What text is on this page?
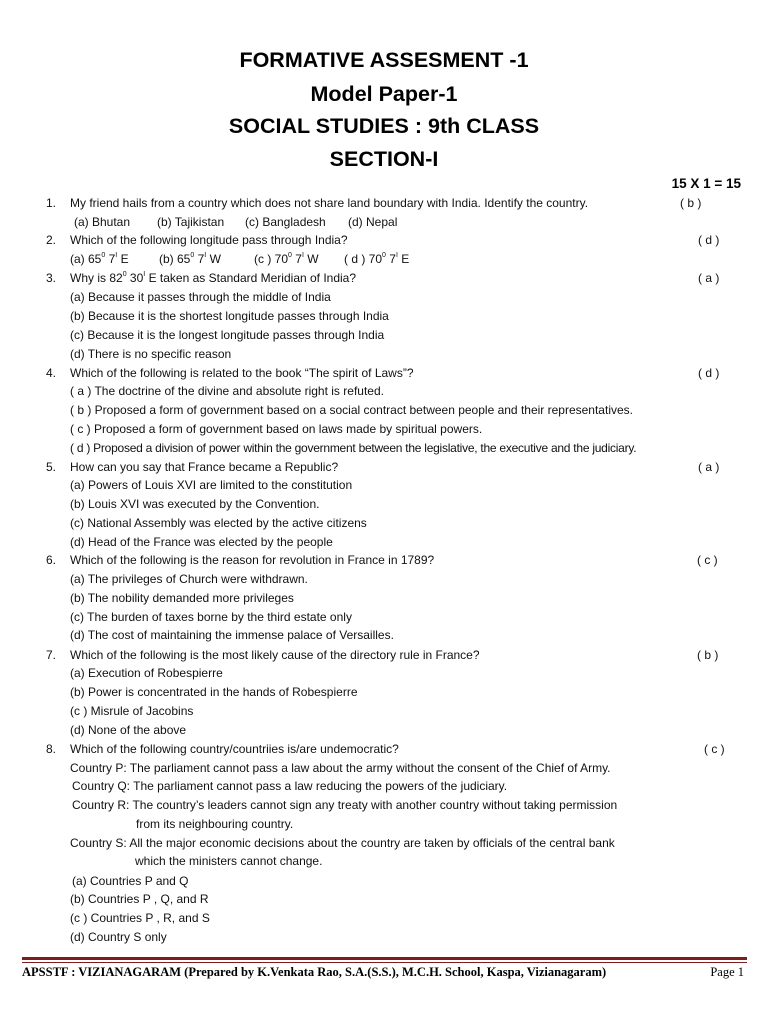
FORMATIVE ASSESMENT -1
Model Paper-1
SOCIAL STUDIES : 9th CLASS
SECTION-I
15 X 1 = 15
1. My friend hails from a country which does not share land boundary with India. Identify the country.	( b )
(a) Bhutan (b) Tajikistan (c) Bangladesh (d) Nepal
2. Which of the following longitude pass through India?	( d )
(a) $65^0$ $7^I$ E	(b) $65^0$ $7^I$ W	(c ) $70^0$ $7^I$ W ( d ) $70^0$ $7^I$ E
3. Why is $82^0$ $30^I$ E taken as Standard Meridian of India?	( a )
(a) Because it passes through the middle of India
(b) Because it is the shortest longitude passes through India
(c) Because it is the longest longitude passes through India
(d) There is no specific reason
4. Which of the following is related to the book “The spirit of Laws”?	( d )
( a ) The doctrine of the divine and absolute right is refuted.
( b ) Proposed a form of government based on a social contract between people and their representatives.
( c ) Proposed a form of government based on laws made by spiritual powers.
( d ) Proposed a division of power within the government between the legislative, the executive and the judiciary.
5. How can you say that France became a Republic?	( a )
(a) Powers of Louis XVI are limited to the constitution
(b) Louis XVI was executed by the Convention.
(c) National Assembly was elected by the active citizens
(d) Head of the France was elected by the people
6. Which of the following is the reason for revolution in France in 1789?	( c )
(a) The privileges of Church were withdrawn.
(b) The nobility demanded more privileges
(c) The burden of taxes borne by the third estate only
(d) The cost of maintaining the immense palace of Versailles.
7. Which of the following is the most likely cause of the directory rule in France?	( b )
(a) Execution of Robespierre
(b) Power is concentrated in the hands of Robespierre
(c ) Misrule of Jacobins
(d) None of the above
8. Which of the following country/countriies is/are undemocratic?	( c )
Country P: The parliament cannot pass a law about the army without the consent of the Chief of Army.
Country Q: The parliament cannot pass a law reducing the powers of the judiciary.
Country R: The country’s leaders cannot sign any treaty with another country without taking permission
from its neighbouring country.
Country S: All the major economic decisions about the country are taken by officials of the central bank
which the ministers cannot change.
(a) Countries P and Q
(b) Countries P , Q, and R
(c ) Countries P , R, and S
(d) Country S only
APSSTF : VIZIANAGARAM (Prepared by K.Venkata Rao, S.A.(S.S.), M.C.H. School, Kaspa, Vizianagaram)	Page 1
